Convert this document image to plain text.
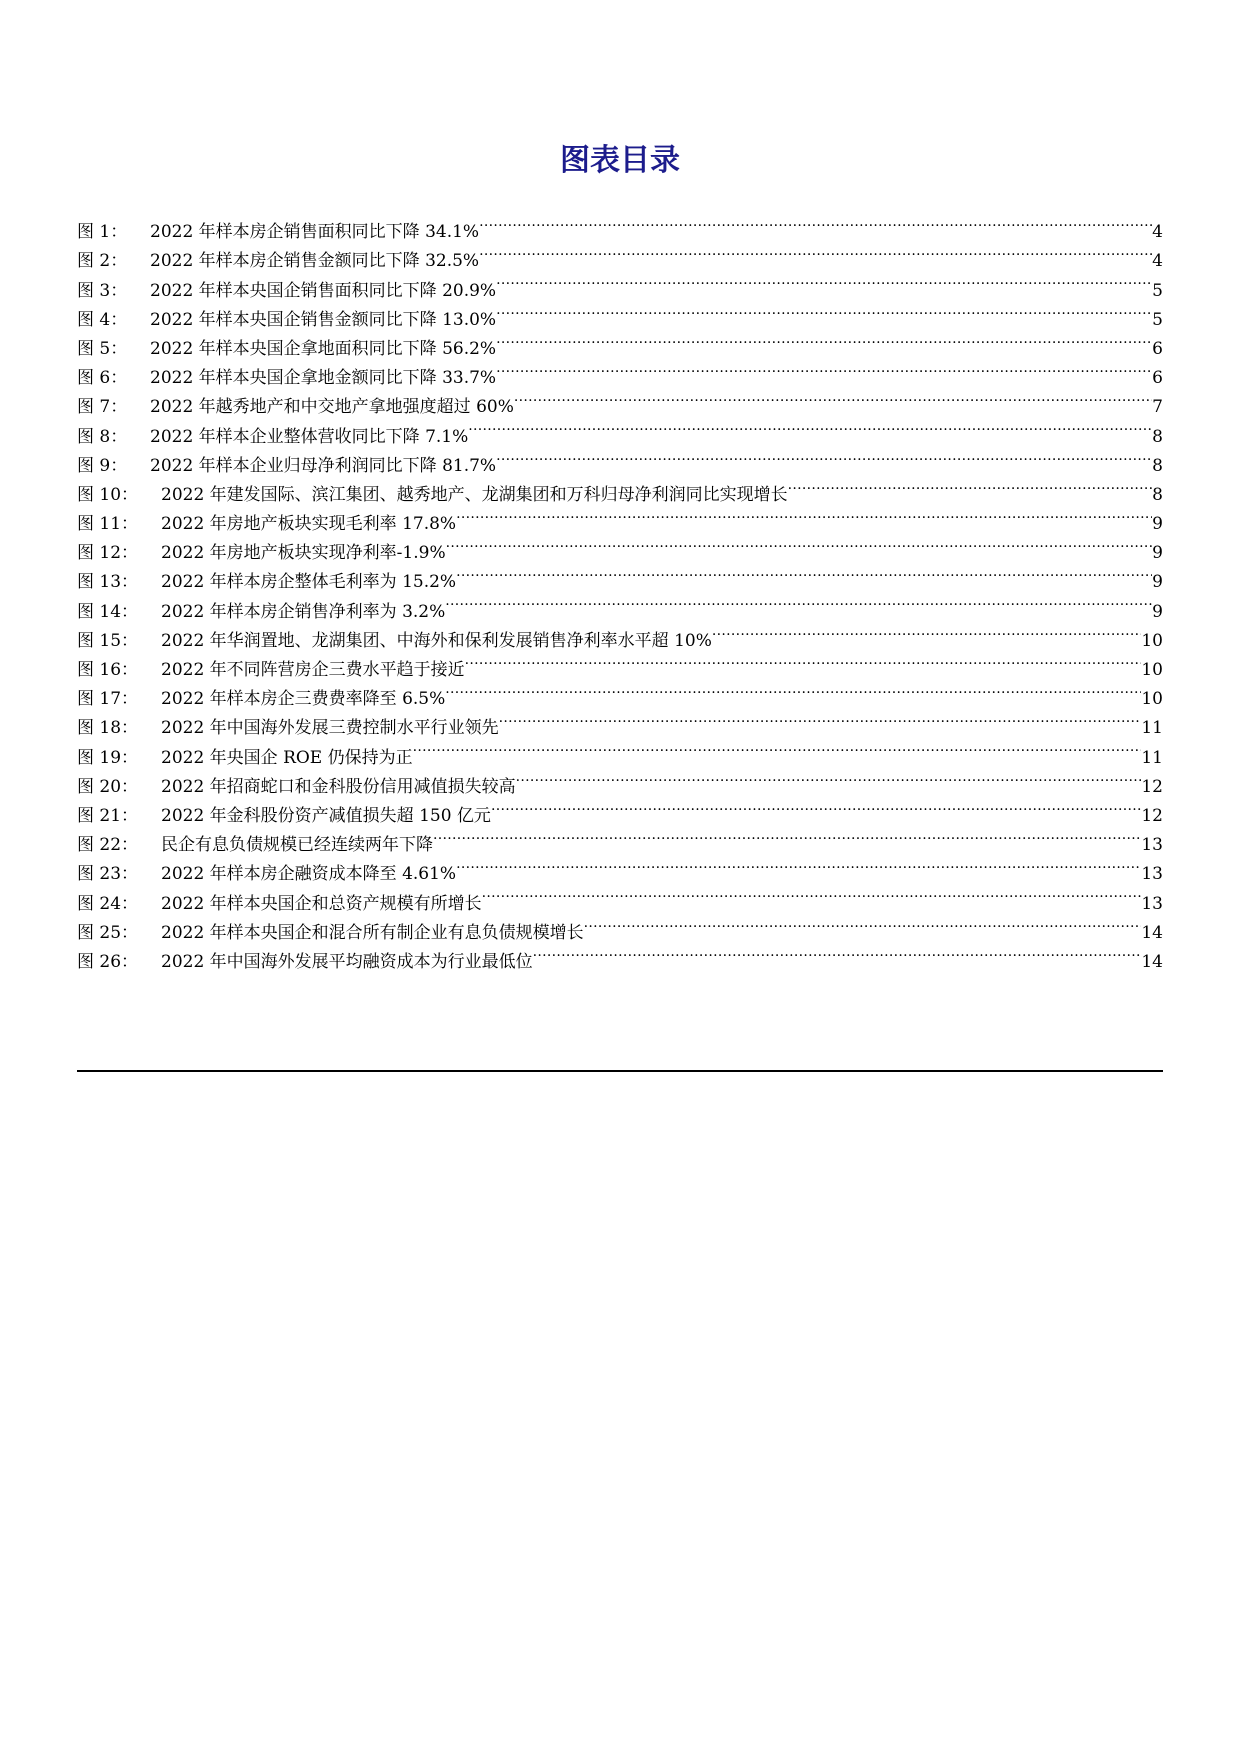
图表目录
图 1：	2022 年样本房企销售面积同比下降 34.1% .....	4
图 2：	2022 年样本房企销售金额同比下降 32.5% .....	4
图 3：	2022 年样本央国企销售面积同比下降 20.9% .....	5
图 4：	2022 年样本央国企销售金额同比下降 13.0% .....	5
图 5：	2022 年样本央国企拿地面积同比下降 56.2% .....	6
图 6：	2022 年样本央国企拿地金额同比下降 33.7% .....	6
图 7：	2022 年越秀地产和中交地产拿地强度超过 60% .....	7
图 8：	2022 年样本企业整体营收同比下降 7.1% .....	8
图 9：	2022 年样本企业归母净利润同比下降 81.7% .....	8
图 10：	2022 年建发国际、滨江集团、越秀地产、龙湖集团和万科归母净利润同比实现增长 .....	8
图 11：	2022 年房地产板块实现毛利率 17.8% .....	9
图 12：	2022 年房地产板块实现净利率-1.9% .....	9
图 13：	2022 年样本房企整体毛利率为 15.2% .....	9
图 14：	2022 年样本房企销售净利率为 3.2% .....	9
图 15：	2022 年华润置地、龙湖集团、中海外和保利发展销售净利率水平超 10% .....	10
图 16：	2022 年不同阵营房企三费水平趋于接近 .....	10
图 17：	2022 年样本房企三费费率降至 6.5% .....	10
图 18：	2022 年中国海外发展三费控制水平行业领先 .....	11
图 19：	2022 年央国企 ROE 仍保持为正 .....	11
图 20：	2022 年招商蛇口和金科股份信用减值损失较高 .....	12
图 21：	2022 年金科股份资产减值损失超 150 亿元 .....	12
图 22：	民企有息负债规模已经连续两年下降 .....	13
图 23：	2022 年样本房企融资成本降至 4.61% .....	13
图 24：	2022 年样本央国企和总资产规模有所增长 .....	13
图 25：	2022 年样本央国企和混合所有制企业有息负债规模增长 .....	14
图 26：	2022 年中国海外发展平均融资成本为行业最低位 .....	14
